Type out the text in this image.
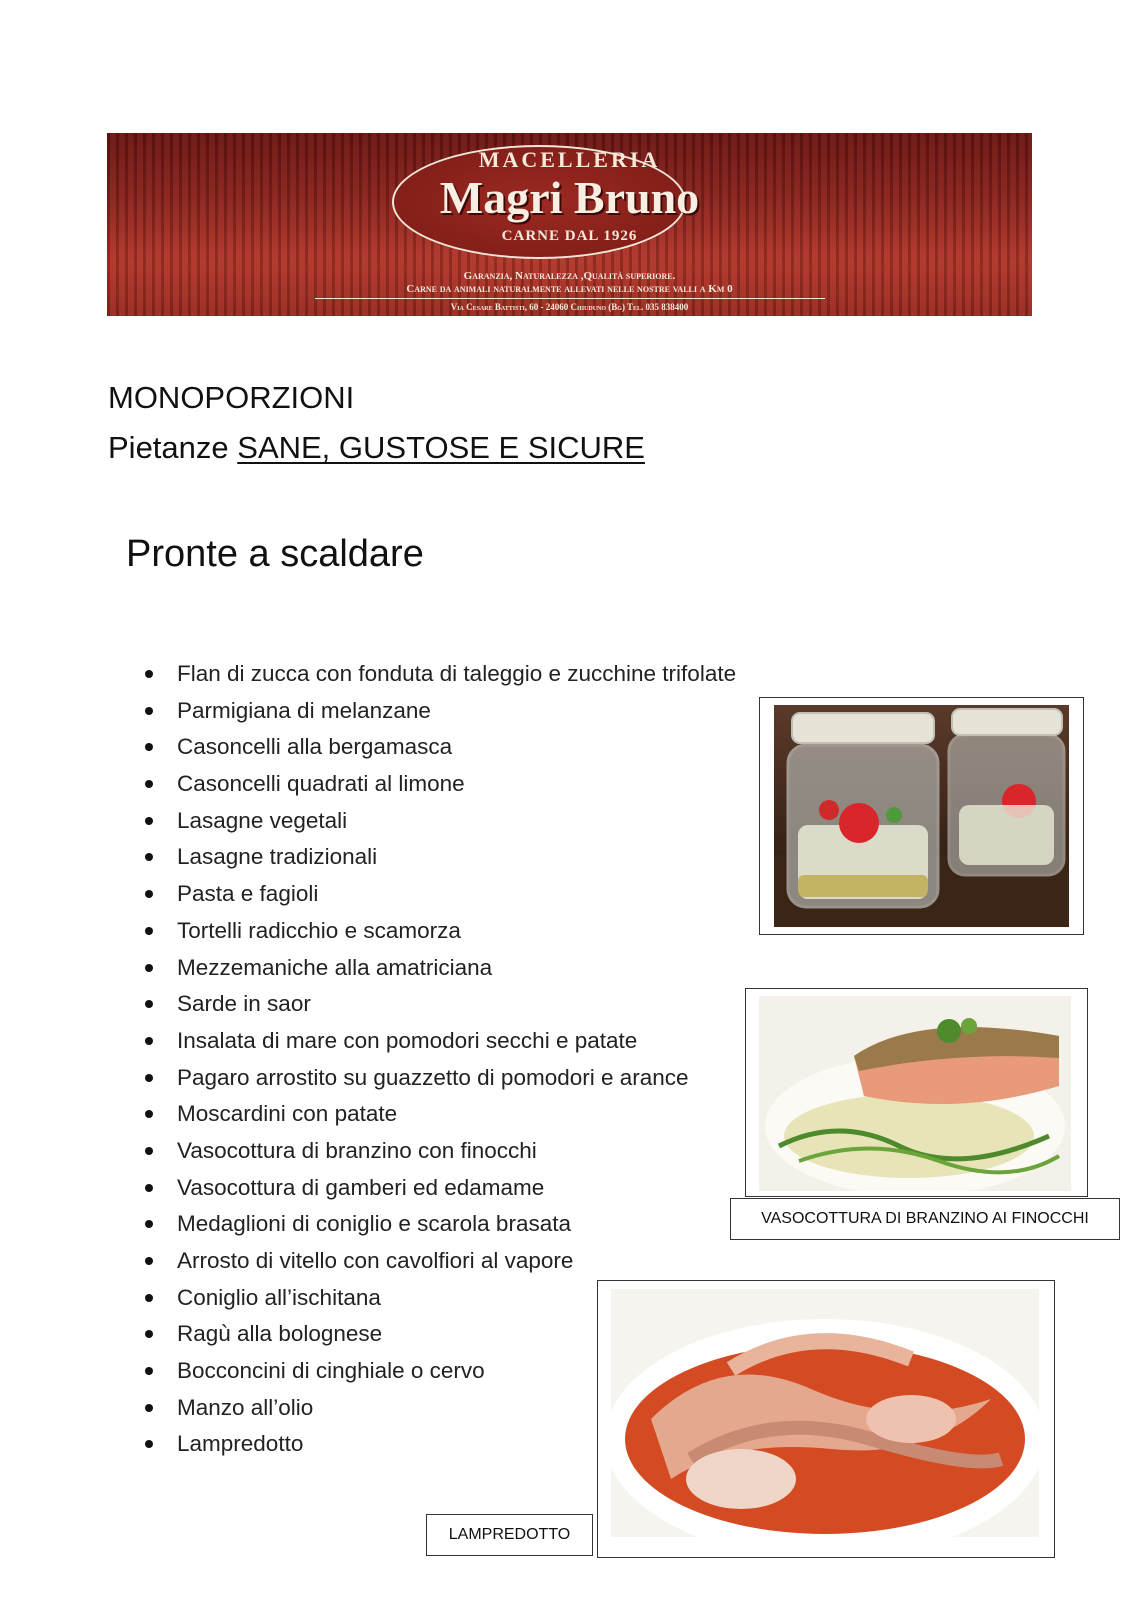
MACELLERIA
Magri Bruno
CARNE DAL 1926
Garanzia, Naturalezza ,Qualità superiore.
Carne da animali naturalmente allevati nelle nostre valli a Km 0
Via Cesare Battisti, 60 - 24060 Chiuduno (Bg) Tel. 035 838400
MONOPORZIONI
Pietanze SANE, GUSTOSE E SICURE
Pronte a scaldare
Flan di zucca con fonduta di taleggio e zucchine trifolate
Parmigiana di melanzane
Casoncelli alla bergamasca
Casoncelli quadrati al limone
Lasagne vegetali
Lasagne tradizionali
Pasta e fagioli
Tortelli radicchio e scamorza
Mezzemaniche alla amatriciana
Sarde in saor
Insalata di mare con pomodori secchi e patate
Pagaro arrostito su guazzetto di pomodori e arance
Moscardini con patate
Vasocottura di branzino con finocchi
Vasocottura di gamberi ed edamame
Medaglioni di coniglio e scarola brasata
Arrosto di vitello con cavolfiori al vapore
Coniglio all’ischitana
Ragù alla bolognese
Bocconcini di cinghiale o cervo
Manzo all’olio
Lampredotto
VASOCOTTURA DI BRANZINO AI FINOCCHI
LAMPREDOTTO
